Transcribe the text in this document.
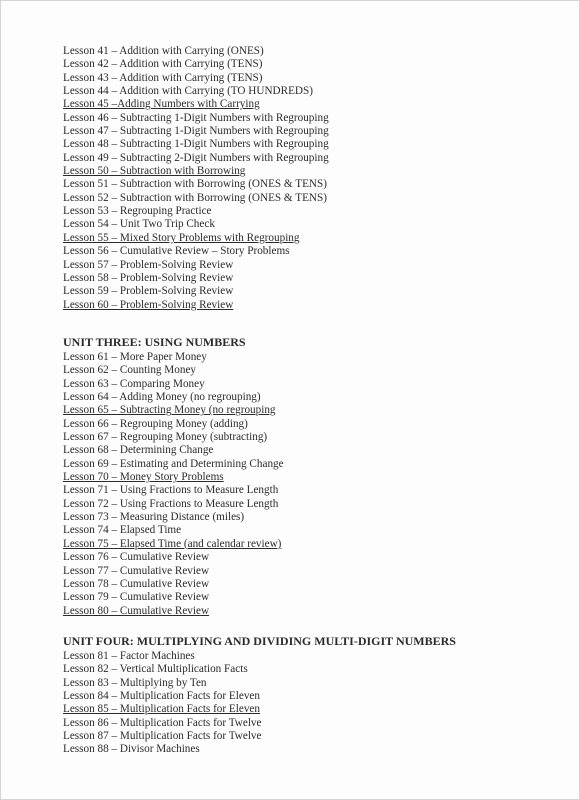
Lesson 41 – Addition with Carrying (ONES)
Lesson 42 – Addition with Carrying (TENS)
Lesson 43 – Addition with Carrying (TENS)
Lesson 44 – Addition with Carrying (TO HUNDREDS)
Lesson 45 –Adding Numbers with Carrying
Lesson 46 – Subtracting 1-Digit Numbers with Regrouping
Lesson 47 – Subtracting 1-Digit Numbers with Regrouping
Lesson 48 – Subtracting 1-Digit Numbers with Regrouping
Lesson 49 – Subtracting 2-Digit Numbers with Regrouping
Lesson 50 – Subtraction with Borrowing
Lesson 51 – Subtraction with Borrowing (ONES & TENS)
Lesson 52 – Subtraction with Borrowing (ONES & TENS)
Lesson 53 – Regrouping Practice
Lesson 54 – Unit Two Trip Check
Lesson 55 – Mixed Story Problems with Regrouping
Lesson 56 – Cumulative Review – Story Problems
Lesson 57 – Problem-Solving Review
Lesson 58 – Problem-Solving Review
Lesson 59 – Problem-Solving Review
Lesson 60 – Problem-Solving Review
UNIT THREE: USING NUMBERS
Lesson 61 – More Paper Money
Lesson 62 – Counting Money
Lesson 63 – Comparing Money
Lesson 64 – Adding Money (no regrouping)
Lesson 65 – Subtracting Money (no regrouping
Lesson 66 – Regrouping Money (adding)
Lesson 67 – Regrouping Money (subtracting)
Lesson 68 – Determining Change
Lesson 69 – Estimating and Determining Change
Lesson 70 – Money Story Problems
Lesson 71 – Using Fractions to Measure Length
Lesson 72 – Using Fractions to Measure Length
Lesson 73 – Measuring Distance (miles)
Lesson 74 – Elapsed Time
Lesson 75 – Elapsed Time (and calendar review)
Lesson 76 – Cumulative Review
Lesson 77 – Cumulative Review
Lesson 78 – Cumulative Review
Lesson 79 – Cumulative Review
Lesson 80 – Cumulative Review
UNIT FOUR: MULTIPLYING AND DIVIDING MULTI-DIGIT NUMBERS
Lesson 81 – Factor Machines
Lesson 82 – Vertical Multiplication Facts
Lesson 83 – Multiplying by Ten
Lesson 84 – Multiplication Facts for Eleven
Lesson 85 – Multiplication Facts for Eleven
Lesson 86 – Multiplication Facts for Twelve
Lesson 87 – Multiplication Facts for Twelve
Lesson 88 – Divisor Machines
